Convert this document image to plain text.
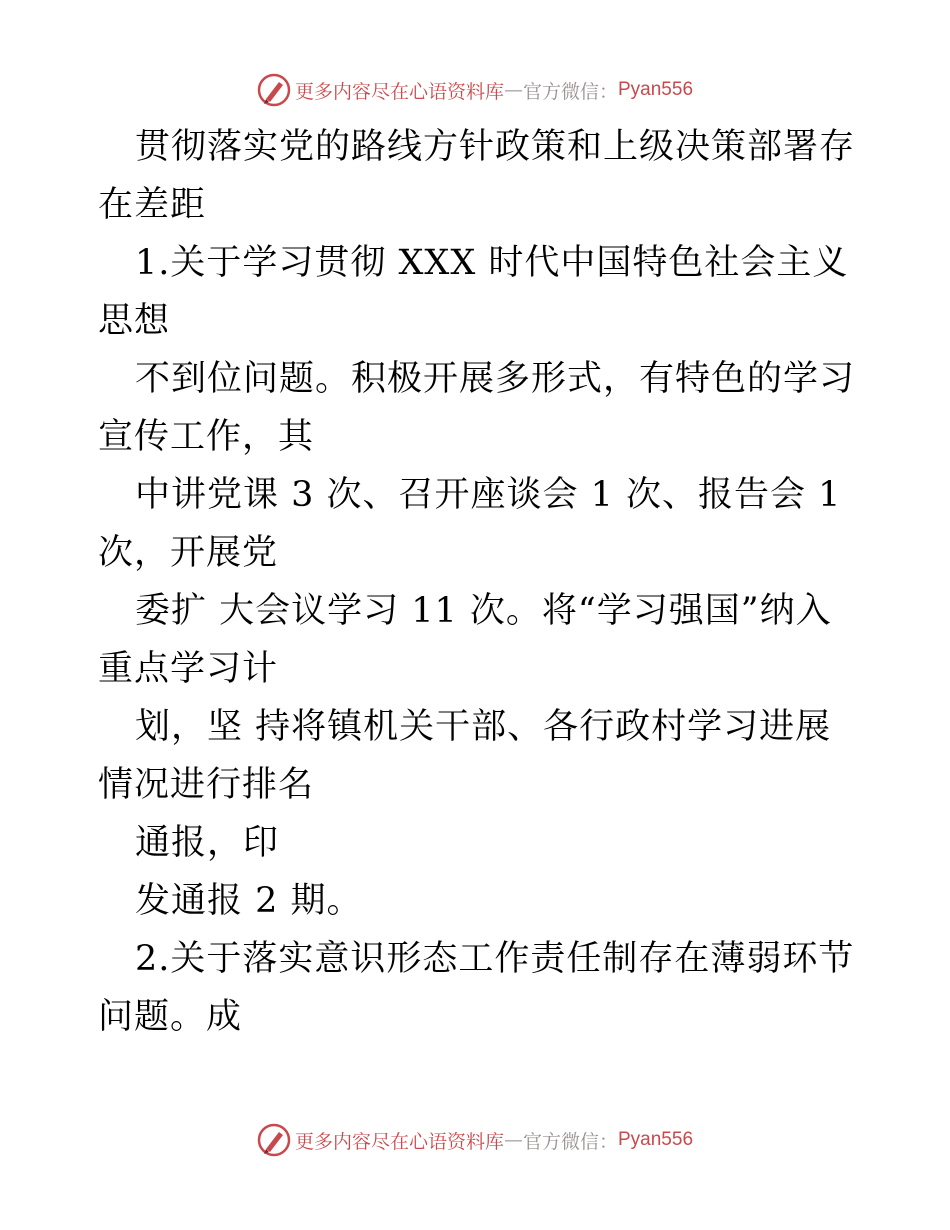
更多内容尽在心语资料库 — 官方微信： Pyan556

贯彻落实党的路线方针政策和上级决策部署存在差距

1.关于学习贯彻 XXX 时代中国特色社会主义思想

不到位问题。积极开展多形式，有特色的学习宣传工作，其

中讲党课 3 次、召开座谈会 1 次、报告会 1 次，开展党

委扩 大会议学习 11 次。将“学习强国”纳入重点学习计

划，坚 持将镇机关干部、各行政村学习进展情况进行排名

通报，印

发通报 2 期。

2.关于落实意识形态工作责任制存在薄弱环节问题。成

更多内容尽在心语资料库 — 官方微信： Pyan556
